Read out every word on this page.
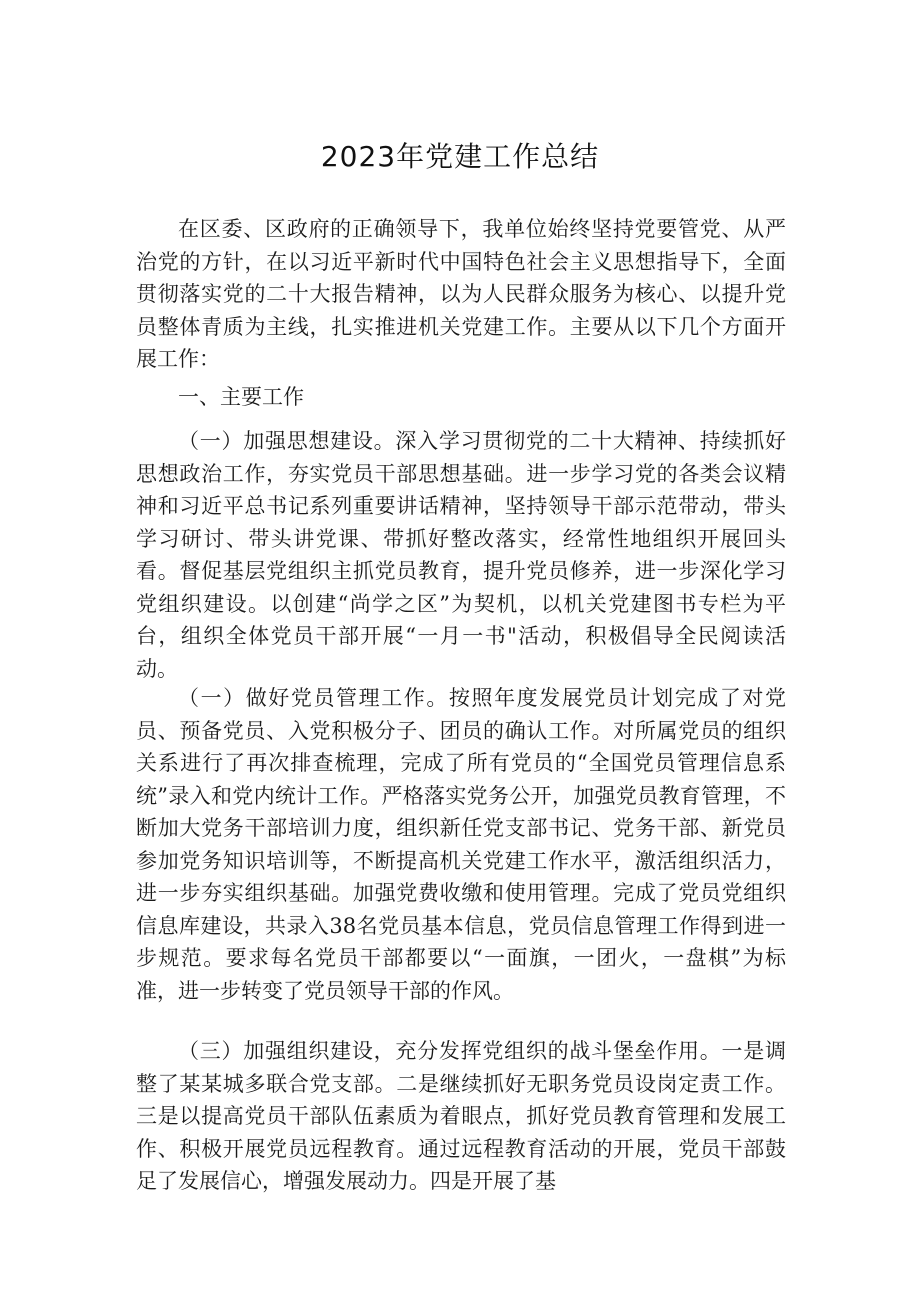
2023年党建工作总结

在区委、区政府的正确领导下，我单位始终坚持党要管党、从严治党的方针，在以习近平新时代中国特色社会主义思想指导下，全面贯彻落实党的二十大报告精神，以为人民群众服务为核心、以提升党员整体青质为主线，扎实推进机关党建工作。主要从以下几个方面开展工作：

一、主要工作

（一）加强思想建设。深入学习贯彻党的二十大精神、持续抓好思想政治工作，夯实党员干部思想基础。进一步学习党的各类会议精神和习近平总书记系列重要讲话精神，坚持领导干部示范带动，带头学习研讨、带头讲党课、带抓好整改落实，经常性地组织开展回头看。督促基层党组织主抓党员教育，提升党员修养，进一步深化学习党组织建设。以创建“尚学之区”为契机，以机关党建图书专栏为平台，组织全体党员干部开展“一月一书"活动，积极倡导全民阅读活动。

（一）做好党员管理工作。按照年度发展党员计划完成了对党员、预备党员、入党积极分子、团员的确认工作。对所属党员的组织关系进行了再次排查梳理，完成了所有党员的“全国党员管理信息系统”录入和党内统计工作。严格落实党务公开，加强党员教育管理，不断加大党务干部培训力度，组织新任党支部书记、党务干部、新党员参加党务知识培训等，不断提高机关党建工作水平，激活组织活力，进一步夯实组织基础。加强党费收缴和使用管理。完成了党员党组织信息库建设，共录入38名党员基本信息，党员信息管理工作得到进一步规范。要求每名党员干部都要以“一面旗，一团火，一盘棋”为标准，进一步转变了党员领导干部的作风。

（三）加强组织建设，充分发挥党组织的战斗堡垒作用。一是调整了某某城多联合党支部。二是继续抓好无职务党员设岗定责工作。三是以提高党员干部队伍素质为着眼点，抓好党员教育管理和发展工作、积极开展党员远程教育。通过远程教育活动的开展，党员干部鼓足了发展信心，增强发展动力。四是开展了基
